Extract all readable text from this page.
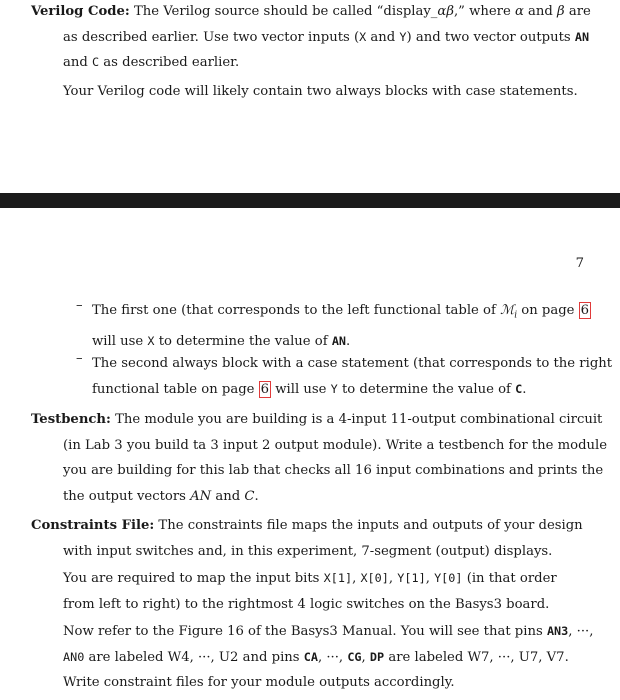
Verilog Code: The Verilog source should be called “display_αβ,” where α and β are
as described earlier. Use two vector inputs (X and Y) and two vector outputs AN
and C as described earlier.
Your Verilog code will likely contain two always blocks with case statements.
7
– The first one (that corresponds to the left functional table of ℳ$_i$ on page 6
will use X to determine the value of AN.
– The second always block with a case statement (that corresponds to the right
functional table on page 6 will use Y to determine the value of C.
Testbench: The module you are building is a 4-input 11-output combinational circuit
(in Lab 3 you build ta 3 input 2 output module). Write a testbench for the module
you are building for this lab that checks all 16 input combinations and prints the
the output vectors AN and C.
Constraints File: The constraints file maps the inputs and outputs of your design
with input switches and, in this experiment, 7-segment (output) displays.
You are required to map the input bits X[1], X[0], Y[1], Y[0] (in that order
from left to right) to the rightmost 4 logic switches on the Basys3 board.
Now refer to the Figure 16 of the Basys3 Manual. You will see that pins AN3, ···,
AN0 are labeled W4, ···, U2 and pins CA, ···, CG, DP are labeled W7, ···, U7, V7.
Write constraint files for your module outputs accordingly.
